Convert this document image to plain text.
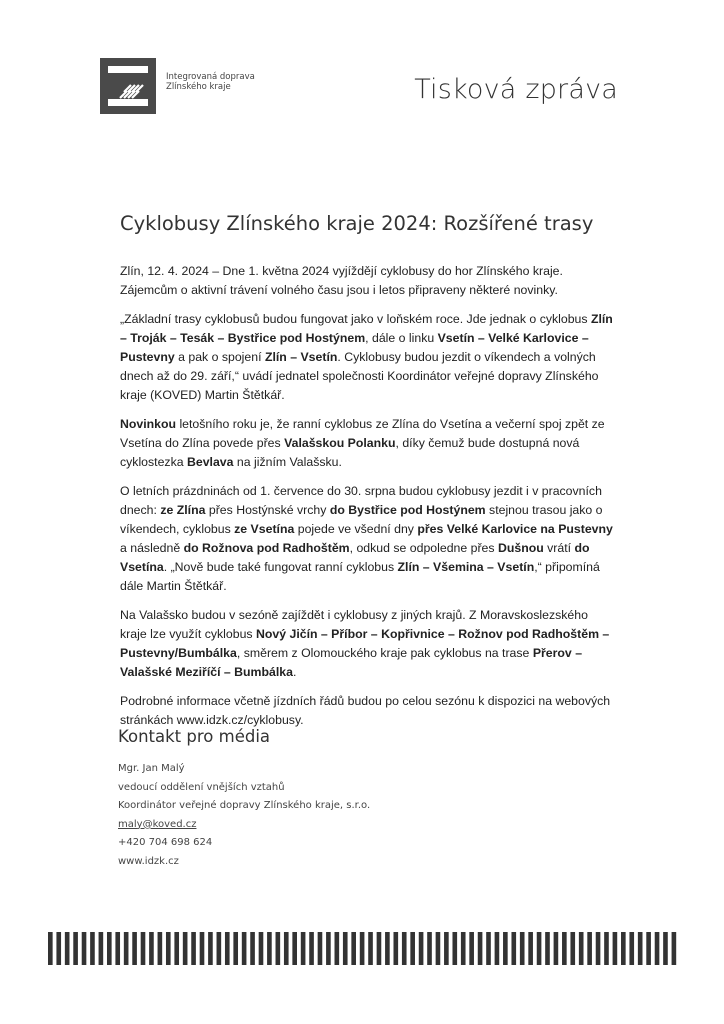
Integrovaná doprava
Zlínského kraje	Tisková zpráva
Cyklobusy Zlínského kraje 2024: Rozšířené trasy

Zlín, 12. 4. 2024 – Dne 1. května 2024 vyjíždějí cyklobusy do hor Zlínského kraje. Zájemcům o aktivní trávení volného času jsou i letos připraveny některé novinky.

„Základní trasy cyklobusů budou fungovat jako v loňském roce. Jde jednak o cyklobus Zlín – Troják – Tesák – Bystřice pod Hostýnem, dále o linku Vsetín – Velké Karlovice – Pustevny a pak o spojení Zlín – Vsetín. Cyklobusy budou jezdit o víkendech a volných dnech až do 29. září,“ uvádí jednatel společnosti Koordinátor veřejné dopravy Zlínského kraje (KOVED) Martin Štětkář.

Novinkou letošního roku je, že ranní cyklobus ze Zlína do Vsetína a večerní spoj zpět ze Vsetína do Zlína povede přes Valašskou Polanku, díky čemuž bude dostupná nová cyklostezka Bevlava na jižním Valašsku.

O letních prázdninách od 1. července do 30. srpna budou cyklobusy jezdit i v pracovních dnech: ze Zlína přes Hostýnské vrchy do Bystřice pod Hostýnem stejnou trasou jako o víkendech, cyklobus ze Vsetína pojede ve všední dny přes Velké Karlovice na Pustevny a následně do Rožnova pod Radhoštěm, odkud se odpoledne přes Dušnou vrátí do Vsetína. „Nově bude také fungovat ranní cyklobus Zlín – Všemina – Vsetín,“ připomíná dále Martin Štětkář.

Na Valašsko budou v sezóně zajíždět i cyklobusy z jiných krajů. Z Moravskoslezského kraje lze využít cyklobus Nový Jičín – Příbor – Kopřivnice – Rožnov pod Radhoštěm – Pustevny/Bumbálka, směrem z Olomouckého kraje pak cyklobus na trase Přerov – Valašské Meziříčí – Bumbálka.

Podrobné informace včetně jízdních řádů budou po celou sezónu k dispozici na webových stránkách www.idzk.cz/cyklobusy.

Kontakt pro média
Mgr. Jan Malý
vedoucí oddělení vnějších vztahů
Koordinátor veřejné dopravy Zlínského kraje, s.r.o.
maly@koved.cz
+420 704 698 624
www.idzk.cz
